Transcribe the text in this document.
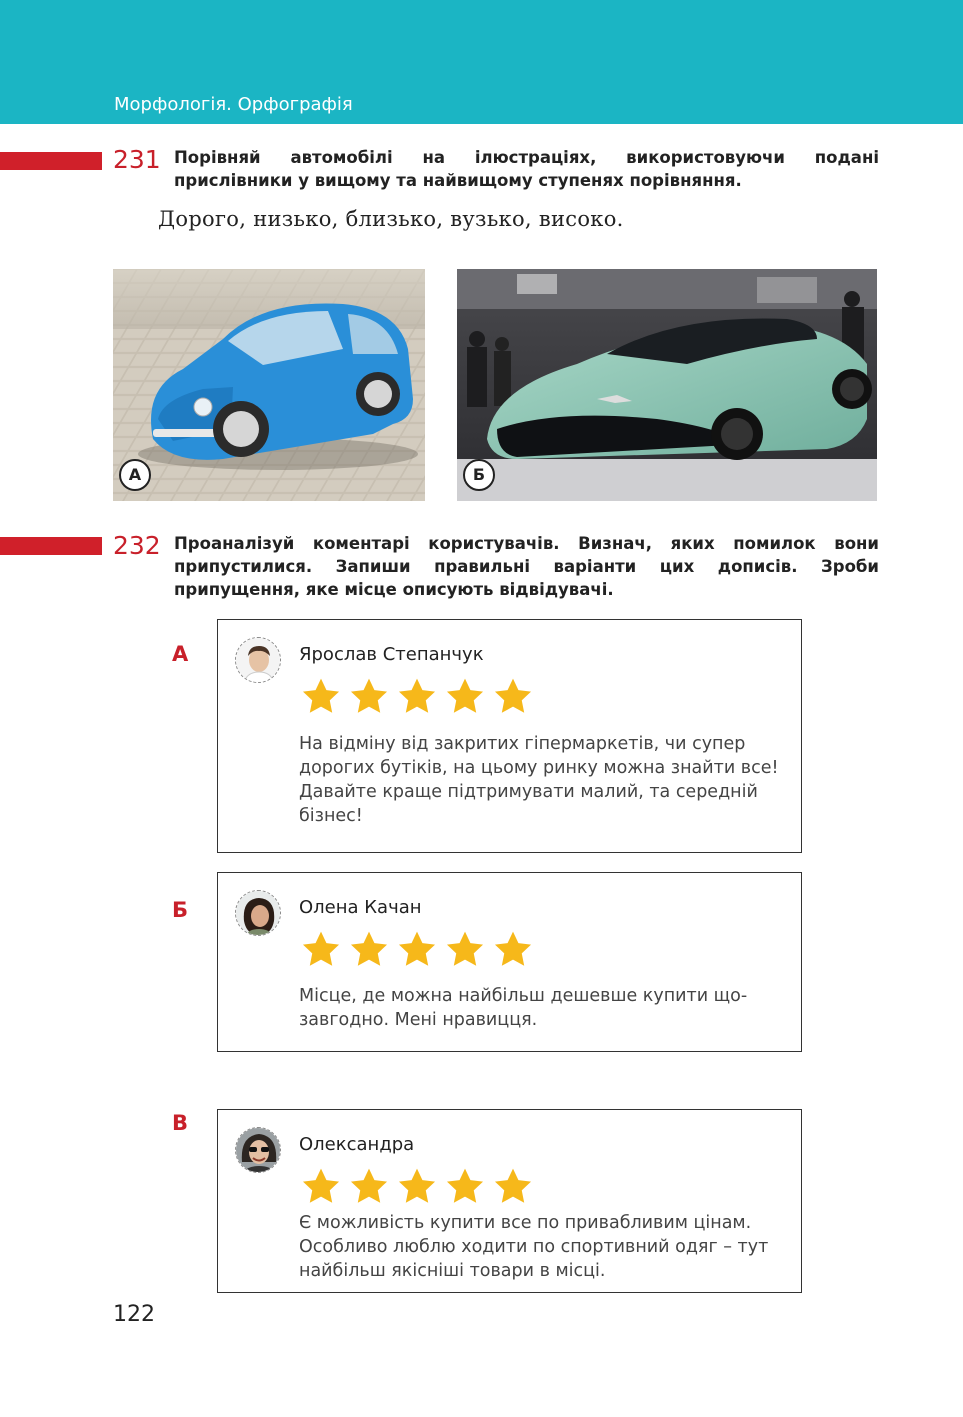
Морфологія. Орфографія
231 Порівняй автомобілі на ілюстраціях, використовуючи подані прислівники у вищому та найвищому ступенях порівняння.
Дорого, низько, близько, вузько, високо.
А	Б
232 Проаналізуй коментарі користувачів. Визнач, яких помилок вони припустилися. Запиши правильні варіанти цих дописів. Зроби припущення, яке місце описують відвідувачі.
А	Ярослав Степанчук
На відміну від закритих гіпермаркетів, чи супер дорогих бутіків, на цьому ринку можна знайти все! Давайте краще підтримувати малий, та середній бізнес!
Б	Олена Качан
Місце, де можна найбільш дешевше купити що-завгодно. Мені нравицця.
В
Олександра
Є можливість купити все по привабливим цінам. Особливо люблю ходити по спортивний одяг – тут найбільш якісніші товари в місці.
122
